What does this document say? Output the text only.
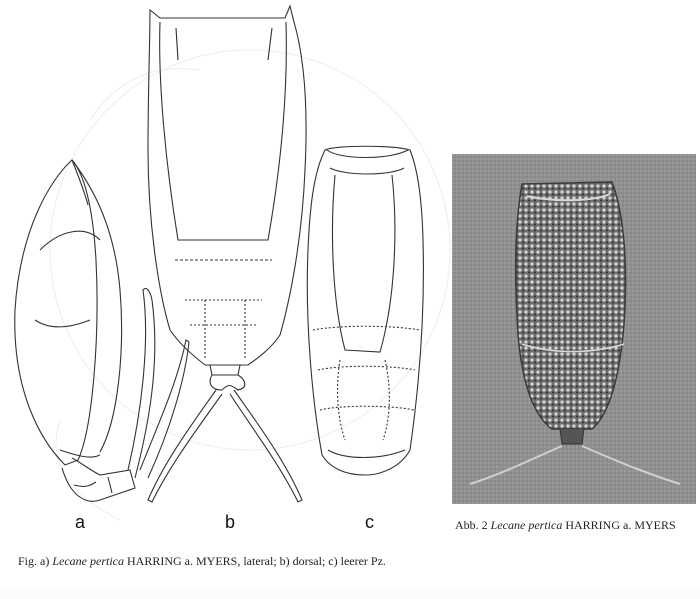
a	b	c
Fig. a) Lecane pertica HARRING a. MYERS, lateral; b) dorsal; c) leerer Pz.
Abb. 2 Lecane pertica HARRING a. MYERS
